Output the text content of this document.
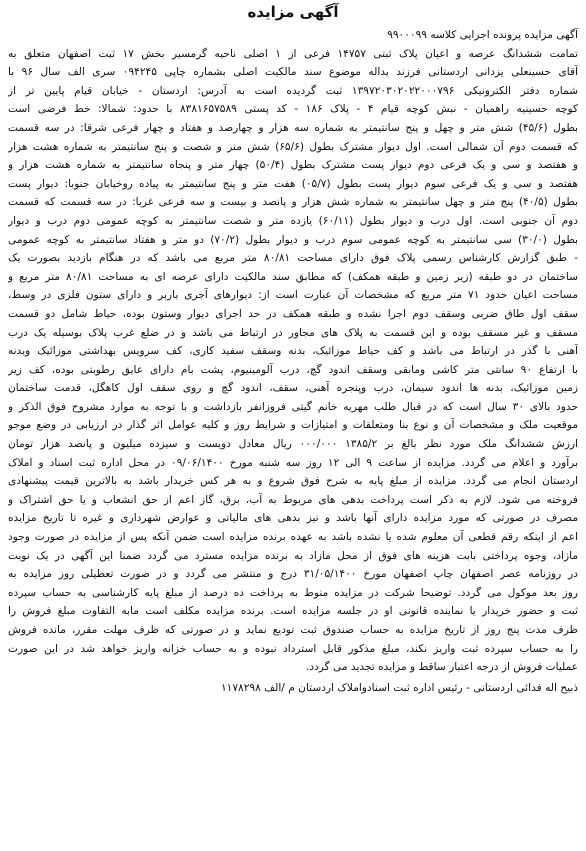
آگهی مزایده
آگهی مزایده پرونده اجرایی کلاسه ۹۹۰۰۰۹۹
تمامت ششدانگ عرصه و اعیان پلاک ثبتی ۱۴۷۵۷ فرعی از ۱ اصلی ناحیه گرمسیر بخش ۱۷ ثبت اصفهان متعلق به
آقای حسینعلی یزدانی اردستانی فرزند یداله موضوع سند مالکیت اصلی بشماره چاپی ۰۹۴۲۴۵ سری الف سال ۹۶ با
شماره دفتر الکترونیکی ۱۳۹۷۲۰۳۰۲۰۲۲۰۰۰۷۹۶ ثبت گردیده است به آدرس: اردستان - خیابان قیام پایین تر از
کوچه حسینیه راهمیان - نبش کوچه قیام ۴ - پلاک ۱۸۶ - کد پستی ۸۳۸۱۶۵۷۵۸۹ با حدود: شمالا: خط فرضی است
بطول (۴۵/۶) شش متر و چهل و پنج سانتیمتر به شماره سه هزار و چهارصد و هفتاد و چهار فرعی شرقا: در سه قسمت
که قسمت دوم آن شمالی است. اول دیوار مشترک بطول (۶۵/۶) شش متر و شصت و پنج سانتیمتر به شماره هشت هزار
و هفتصد و سی و یک فرعی دوم دیوار پست مشترک بطول (۵۰/۴) چهار متر و پنجاه سانتیمتر به شماره هشت هزار و
هفتصد و سی و یک فرعی سوم دیوار پست بطول (۰۵/۷) هفت متر و پنج سانتیمتر به پیاده روخیابان جنوبا: دیوار پست
بطول (۴۰/۵) پنج متر و چهل سانتیمتر به شماره شش هزار و پانصد و بیست و سه فرعی غربا: در سه قسمت که قسمت
دوم آن جنوبی است. اول درب و دیوار بطول (۶۰/۱۱) یازده متر و شصت سانتیمتر به کوچه عمومی دوم درب و دیوار
بطول (۳۰/۰) سی سانتیمتر به کوچه عمومی سوم درب و دیوار بطول (۷۰/۲) دو متر و هفتاد سانتیمتر به کوچه عمومی
- طبق گزارش کارشناس رسمی پلاک فوق دارای مساحت ۸۰/۸۱ متر مربع می باشد که در هنگام بازدید بصورت یک
ساختمان در دو طبقه (زیر زمین و طبقه همکف) که مطابق سند مالکیت دارای عرصه ای به مساحت ۸۰/۸۱ متر مربع و
مساحت اعیان حدود ۷۱ متر مربع که مشخصات آن عبارت است از: دیوارهای آجری باربر و دارای ستون فلزی در وسط،
سقف اول طاق ضربی وسقف دوم اجرا نشده و طبقه همکف در حد اجرای دیوار وستون بوده، حیاط شامل دو قسمت
مسقف و غیر مسقف بوده و این قسمت به پلاک های مجاور در ارتباط می باشد و در ضلع غرب پلاک بوسیله یک درب
آهنی با گذر در ارتباط می باشد و کف حیاط موزائیک، بدنه وسقف سفید کاری، کف سرویس بهداشتی موزائیک وبدنه
با ارتفاع ۹۰ سانتی متر کاشی ومابقی وسقف اندود گچ، درب آلومینیوم، پشت بام دارای عایق رطوبتی بوده، کف زیر
زمین موزائیک، بدنه ها اندود سیمان، درب وپنجره آهنی، سقف، اندود گچ و روی سقف اول کاهگل، قدمت ساختمان
حدود بالای ۳۰ سال است که در قبال طلب مهریه خانم گیتی فروزانفر بازداشت و با توجه به موارد مشروح فوق الذکر و
موقعیت ملک و مشخصات آن و نوع بنا ومتعلقات و امتیازات و شرایط روز و کلیه عوامل اثر گذار در ارزیابی در وضع موجو
ارزش ششدانگ ملک مورد نظر بالغ بر ۱۳۸۵/۲ ۰۰۰/۰۰۰ ریال معادل دویست و سیزده میلیون و پانصد هزار تومان
برآورد و اعلام می گردد. مزایده از ساعت ۹ الی ۱۲ روز سه شنبه مورخ ۰۹/۰۶/۱۴۰۰ در محل اداره ثبت اسناد و املاک
اردستان انجام می گردد. مزایده از مبلغ پایه به شرح فوق شروع و به هر کس خریدار باشد به بالاترین قیمت پیشنهادی
فروخته می شود. لازم به ذکر است پرداخت بدهی های مربوط به آب، برق، گاز اعم از حق انشعاب و یا حق اشتراک و
مصرف در صورتی که مورد مزایده دارای آنها باشد و نیز بدهی های مالیاتی و عوارض شهرداری و غیره تا تاریخ مزایده
اعم از اینکه رقم قطعی آن معلوم شده یا نشده باشد به عهده برنده مزایده است ضمن آنکه پس از مزایده در صورت وجود
مازاد، وجوه پرداختی بابت هزینه های فوق از محل مازاد به برنده مزایده مسترد می گردد ضمنا این آگهی در یک نوبت
در روزنامه عصر اصفهان چاپ اصفهان مورخ ۳۱/۰۵/۱۴۰۰ درج و منتشر می گردد و در صورت تعطیلی روز مزایده به
روز بعد موکول می گردد. توضیحا شرکت در مزایده منوط به پرداخت ده درصد از مبلغ پایه کارشناسی به حساب سپرده
ثبت و حضور خریدار یا نماینده قانونی او در جلسه مزایده است. برنده مزایده مکلف است مابه التفاوت مبلغ فروش را
ظرف مدت پنج روز از تاریخ مزایده به حساب صندوق ثبت تودیع نماید و در صورتی که ظرف مهلت مقرر، مانده فروش
را به حساب سپرده ثبت واریز نکند، مبلغ مذکور قابل استرداد نبوده و به حساب خزانه واریز خواهد شد در این صورت
عملیات فروش از درجه اعتبار ساقط و مزایده تجدید می گردد.
ذبیح اله فدائی اردستانی - رئیس اداره ثبت اسنادواملاک اردستان م /الف ۱۱۷۸۲۹۸
